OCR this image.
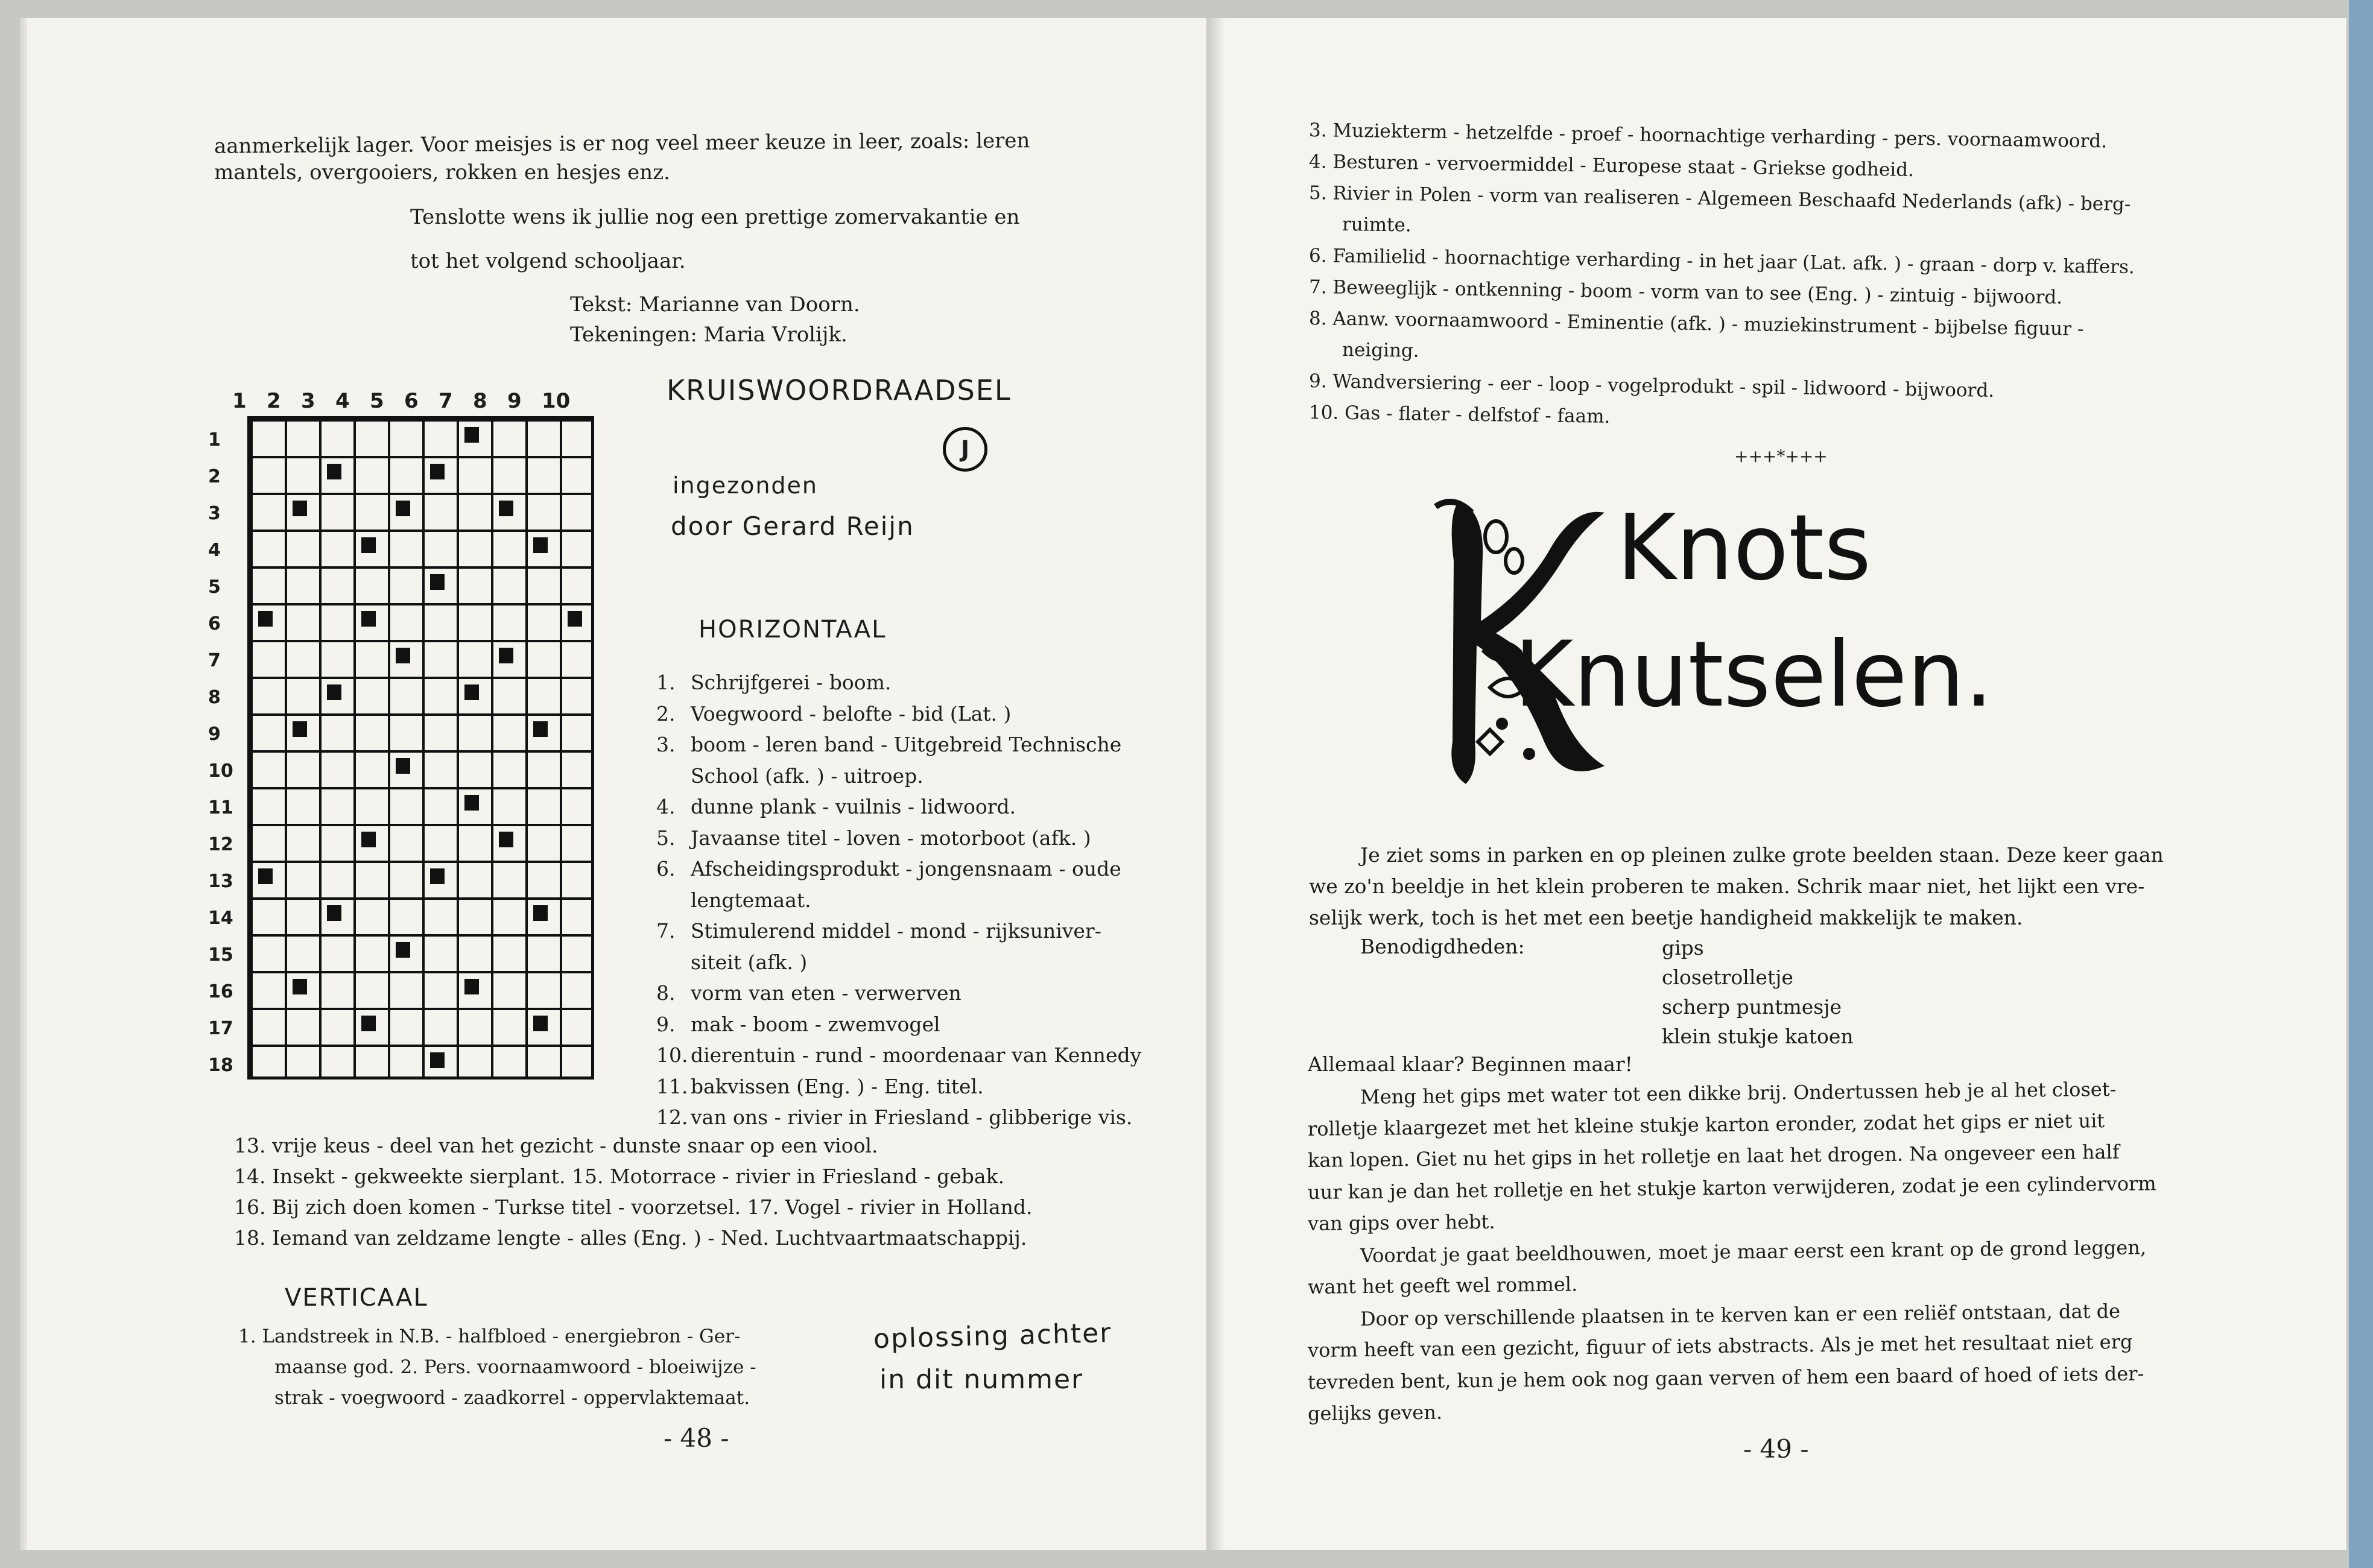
aanmerkelijk lager. Voor meisjes is er nog veel meer keuze in leer, zoals: leren
mantels, overgooiers, rokken en hesjes enz.
Tenslotte wens ik jullie nog een prettige zomervakantie en
tot het volgend schooljaar.
Tekst: Marianne van Doorn.
Tekeningen: Maria Vrolijk.
1 2 3 4 5 6 7 8 9 10
1
2
3
4
5
6
7
8
9
10
11
12
13
14
15
16
17
18
KRUISWOORDRAADSEL
J
ingezonden
door Gerard Reijn
HORIZONTAAL
1. Schrijfgerei - boom.
2. Voegwoord - belofte - bid (Lat. )
3. boom - leren band - Uitgebreid Technische
School (afk. ) - uitroep.
4. dunne plank - vuilnis - lidwoord.
5. Javaanse titel - loven - motorboot (afk. )
6. Afscheidingsprodukt - jongensnaam - oude
lengtemaat.
7. Stimulerend middel - mond - rijksuniver-
siteit (afk. )
8. vorm van eten - verwerven
9. mak - boom - zwemvogel
10. dierentuin - rund - moordenaar van Kennedy
11. bakvissen (Eng. ) - Eng. titel.
12. van ons - rivier in Friesland - glibberige vis.
13. vrije keus - deel van het gezicht - dunste snaar op een viool.
14. Insekt - gekweekte sierplant. 15. Motorrace - rivier in Friesland - gebak.
16. Bij zich doen komen - Turkse titel - voorzetsel. 17. Vogel - rivier in Holland.
18. Iemand van zeldzame lengte - alles (Eng. ) - Ned. Luchtvaartmaatschappij.
VERTICAAL
1. Landstreek in N.B. - halfbloed - energiebron - Ger-
maanse god. 2. Pers. voornaamwoord - bloeiwijze -
strak - voegwoord - zaadkorrel - oppervlaktemaat.
oplossing achter
in dit nummer
- 48 -
3. Muziekterm - hetzelfde - proef - hoornachtige verharding - pers. voornaamwoord.
4. Besturen - vervoermiddel - Europese staat - Griekse godheid.
5. Rivier in Polen - vorm van realiseren - Algemeen Beschaafd Nederlands (afk) - berg-
ruimte.
6. Familielid - hoornachtige verharding - in het jaar (Lat. afk. ) - graan - dorp v. kaffers.
7. Beweeglijk - ontkenning - boom - vorm van to see (Eng. ) - zintuig - bijwoord.
8. Aanw. voornaamwoord - Eminentie (afk. ) - muziekinstrument - bijbelse figuur -
neiging.
9. Wandversiering - eer - loop - vogelprodukt - spil - lidwoord - bijwoord.
10. Gas - flater - delfstof - faam.
+++*+++
Knots
Knutselen.
Je ziet soms in parken en op pleinen zulke grote beelden staan. Deze keer gaan
we zo'n beeldje in het klein proberen te maken. Schrik maar niet, het lijkt een vre-
selijk werk, toch is het met een beetje handigheid makkelijk te maken.
Benodigdheden:	gips
closetrolletje
scherp puntmesje
klein stukje katoen
Allemaal klaar? Beginnen maar!
Meng het gips met water tot een dikke brij. Ondertussen heb je al het closet-
rolletje klaargezet met het kleine stukje karton eronder, zodat het gips er niet uit
kan lopen. Giet nu het gips in het rolletje en laat het drogen. Na ongeveer een half
uur kan je dan het rolletje en het stukje karton verwijderen, zodat je een cylindervorm
van gips over hebt.
Voordat je gaat beeldhouwen, moet je maar eerst een krant op de grond leggen,
want het geeft wel rommel.
Door op verschillende plaatsen in te kerven kan er een reliëf ontstaan, dat de
vorm heeft van een gezicht, figuur of iets abstracts. Als je met het resultaat niet erg
tevreden bent, kun je hem ook nog gaan verven of hem een baard of hoed of iets der-
gelijks geven.
- 49 -
